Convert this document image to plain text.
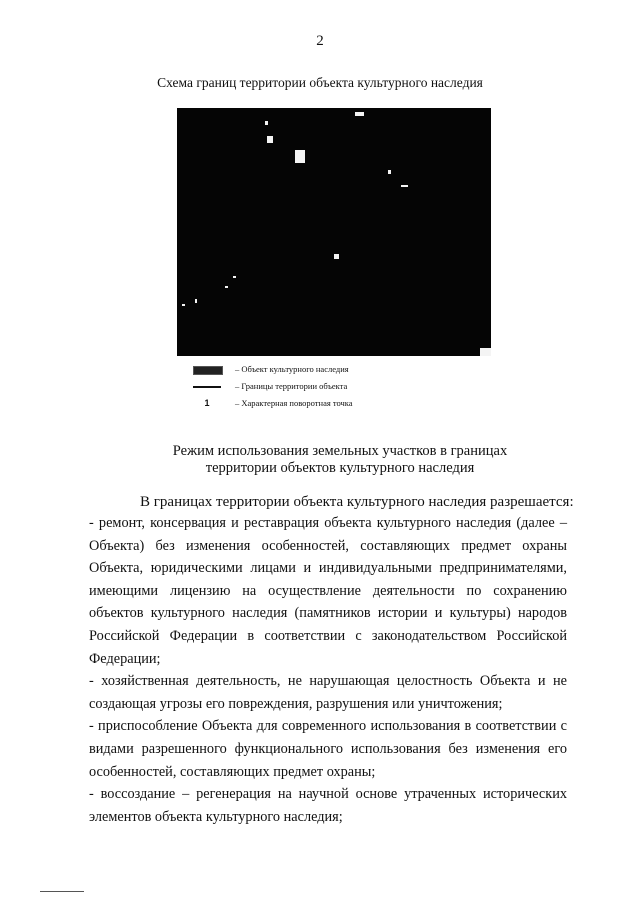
2
Схема границ территории объекта культурного наследия
– Объект культурного наследия
– Границы территории объекта
1	– Характерная поворотная точка
Режим использования земельных участков в границах территории объектов культурного наследия
В границах территории объекта культурного наследия разрешается:

- ремонт, консервация и реставрация объекта культурного наследия (далее – Объекта) без изменения особенностей, составляющих предмет охраны Объекта, юридическими лицами и индивидуальными предпринимателями, имеющими лицензию на осуществление деятельности по сохранению объектов культурного наследия (памятников истории и культуры) народов Российской Федерации в соответствии с законодательством Российской Федерации;

- хозяйственная деятельность, не нарушающая целостность Объекта и не создающая угрозы его повреждения, разрушения или уничтожения;

- приспособление Объекта для современного использования в соответствии с видами разрешенного функционального использования без изменения его особенностей, составляющих предмет охраны;

- воссоздание – регенерация на научной основе утраченных исторических элементов объекта культурного наследия;
